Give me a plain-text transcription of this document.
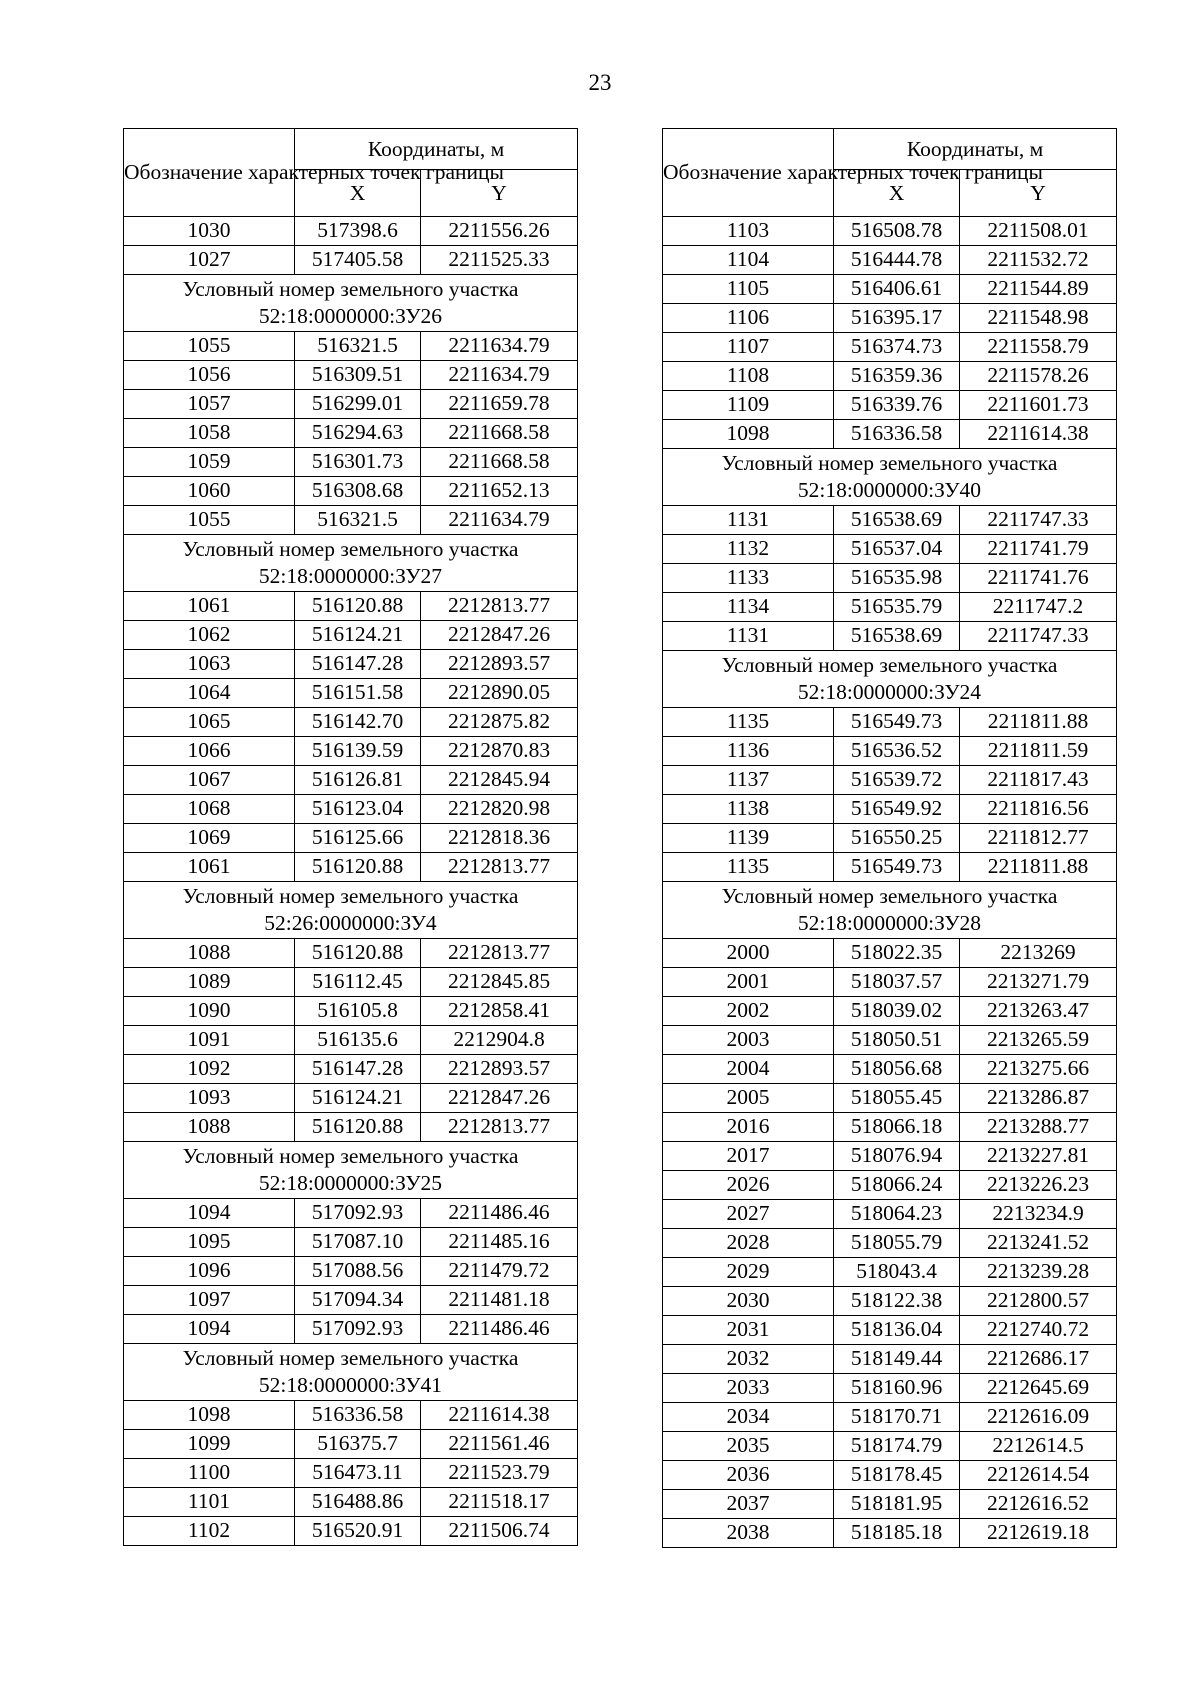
23
Обозначение характерных точек границы	Координаты, м	
	X	Y
1030	517398.6	2211556.26
1027	517405.58	2211525.33

Условный номер земельного участка
52:18:0000000:ЗУ26		

1055	516321.5	2211634.79
1056	516309.51	2211634.79
1057	516299.01	2211659.78
1058	516294.63	2211668.58
1059	516301.73	2211668.58
1060	516308.68	2211652.13
1055	516321.5	2211634.79

Условный номер земельного участка
52:18:0000000:ЗУ27		

1061	516120.88	2212813.77
1062	516124.21	2212847.26
1063	516147.28	2212893.57
1064	516151.58	2212890.05
1065	516142.70	2212875.82
1066	516139.59	2212870.83
1067	516126.81	2212845.94
1068	516123.04	2212820.98
1069	516125.66	2212818.36
1061	516120.88	2212813.77

Условный номер земельного участка
52:26:0000000:ЗУ4		

1088	516120.88	2212813.77
1089	516112.45	2212845.85
1090	516105.8	2212858.41
1091	516135.6	2212904.8
1092	516147.28	2212893.57
1093	516124.21	2212847.26
1088	516120.88	2212813.77

Условный номер земельного участка
52:18:0000000:ЗУ25		

1094	517092.93	2211486.46
1095	517087.10	2211485.16
1096	517088.56	2211479.72
1097	517094.34	2211481.18
1094	517092.93	2211486.46

Условный номер земельного участка
52:18:0000000:ЗУ41		

1098	516336.58	2211614.38
1099	516375.7	2211561.46
1100	516473.11	2211523.79
1101	516488.86	2211518.17
1102	516520.91	2211506.74
Обозначение характерных точек границы	Координаты, м	
	X	Y
1103	516508.78	2211508.01
1104	516444.78	2211532.72
1105	516406.61	2211544.89
1106	516395.17	2211548.98
1107	516374.73	2211558.79
1108	516359.36	2211578.26
1109	516339.76	2211601.73
1098	516336.58	2211614.38

Условный номер земельного участка
52:18:0000000:ЗУ40		

1131	516538.69	2211747.33
1132	516537.04	2211741.79
1133	516535.98	2211741.76
1134	516535.79	2211747.2
1131	516538.69	2211747.33

Условный номер земельного участка
52:18:0000000:ЗУ24		

1135	516549.73	2211811.88
1136	516536.52	2211811.59
1137	516539.72	2211817.43
1138	516549.92	2211816.56
1139	516550.25	2211812.77
1135	516549.73	2211811.88

Условный номер земельного участка
52:18:0000000:ЗУ28		

2000	518022.35	2213269
2001	518037.57	2213271.79
2002	518039.02	2213263.47
2003	518050.51	2213265.59
2004	518056.68	2213275.66
2005	518055.45	2213286.87
2016	518066.18	2213288.77
2017	518076.94	2213227.81
2026	518066.24	2213226.23
2027	518064.23	2213234.9
2028	518055.79	2213241.52
2029	518043.4	2213239.28
2030	518122.38	2212800.57
2031	518136.04	2212740.72
2032	518149.44	2212686.17
2033	518160.96	2212645.69
2034	518170.71	2212616.09
2035	518174.79	2212614.5
2036	518178.45	2212614.54
2037	518181.95	2212616.52
2038	518185.18	2212619.18
